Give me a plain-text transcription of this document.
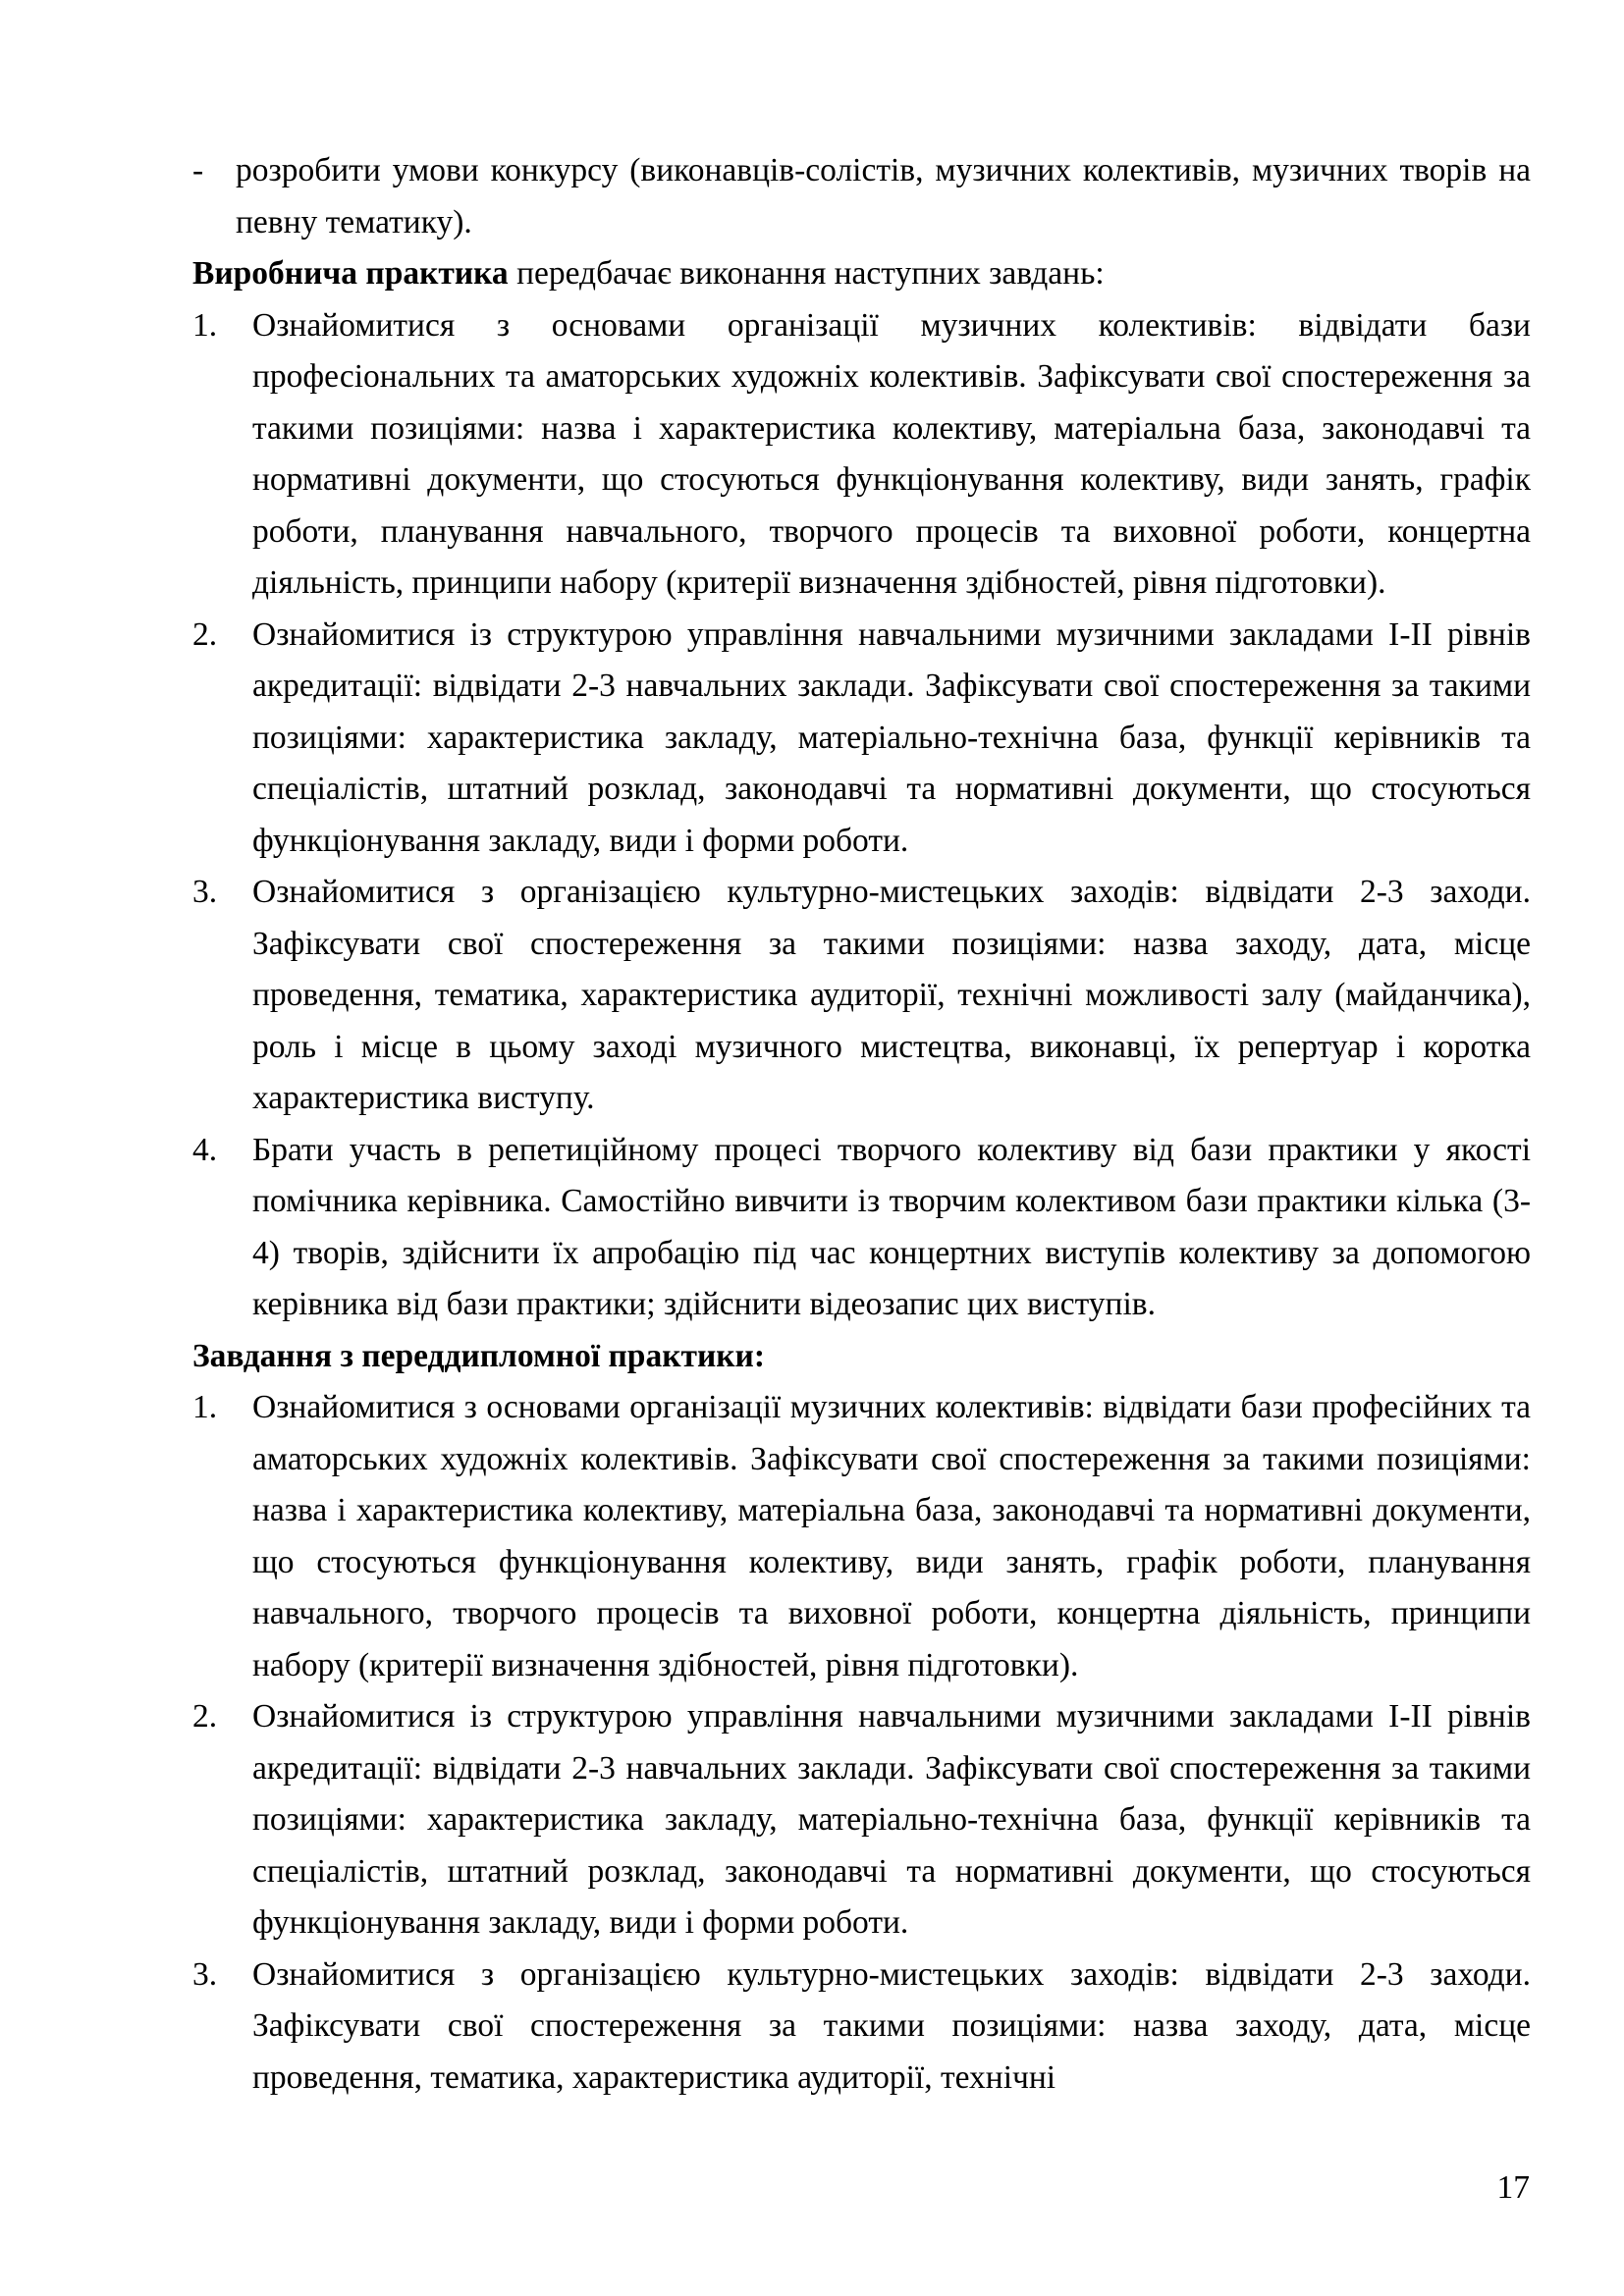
- розробити умови конкурсу (виконавців-солістів, музичних колективів, музичних творів на певну тематику).

Виробнича практика передбачає виконання наступних завдань:

1.	Ознайомитися з основами організації музичних колективів: відвідати бази професіональних та аматорських художніх колективів. Зафіксувати свої спостереження за такими позиціями: назва і характеристика колективу, матеріальна база, законодавчі та нормативні документи, що стосуються функціонування колективу, види занять, графік роботи, планування навчального, творчого процесів та виховної роботи, концертна діяльність, принципи набору (критерії визначення здібностей, рівня підготовки).
2.	Ознайомитися із структурою управління навчальними музичними закладами І-ІІ рівнів акредитації: відвідати 2-3 навчальних заклади. Зафіксувати свої спостереження за такими позиціями: характеристика закладу, матеріально-технічна база, функції керівників та спеціалістів, штатний розклад, законодавчі та нормативні документи, що стосуються функціонування закладу, види і форми роботи.
3.	Ознайомитися з організацією культурно-мистецьких заходів: відвідати 2-3 заходи. Зафіксувати свої спостереження за такими позиціями: назва заходу, дата, місце проведення, тематика, характеристика аудиторії, технічні можливості залу (майданчика), роль і місце в цьому заході музичного мистецтва, виконавці, їх репертуар і коротка характеристика виступу.
4.	Брати участь в репетиційному процесі творчого колективу від бази практики у якості помічника керівника. Самостійно вивчити із творчим колективом бази практики кілька (3-4) творів, здійснити їх апробацію під час концертних виступів колективу за допомогою керівника від бази практики; здійснити відеозапис цих виступів.

Завдання з переддипломної практики:

1.	Ознайомитися з основами організації музичних колективів: відвідати бази професійних та аматорських художніх колективів. Зафіксувати свої спостереження за такими позиціями: назва і характеристика колективу, матеріальна база, законодавчі та нормативні документи, що стосуються функціонування колективу, види занять, графік роботи, планування навчального, творчого процесів та виховної роботи, концертна діяльність, принципи набору (критерії визначення здібностей, рівня підготовки).
2.	Ознайомитися із структурою управління навчальними музичними закладами І-ІІ рівнів акредитації: відвідати 2-3 навчальних заклади. Зафіксувати свої спостереження за такими позиціями: характеристика закладу, матеріально-технічна база, функції керівників та спеціалістів, штатний розклад, законодавчі та нормативні документи, що стосуються функціонування закладу, види і форми роботи.
3.	Ознайомитися з організацією культурно-мистецьких заходів: відвідати 2-3 заходи. Зафіксувати свої спостереження за такими позиціями: назва заходу, дата, місце проведення, тематика, характеристика аудиторії, технічні
17
